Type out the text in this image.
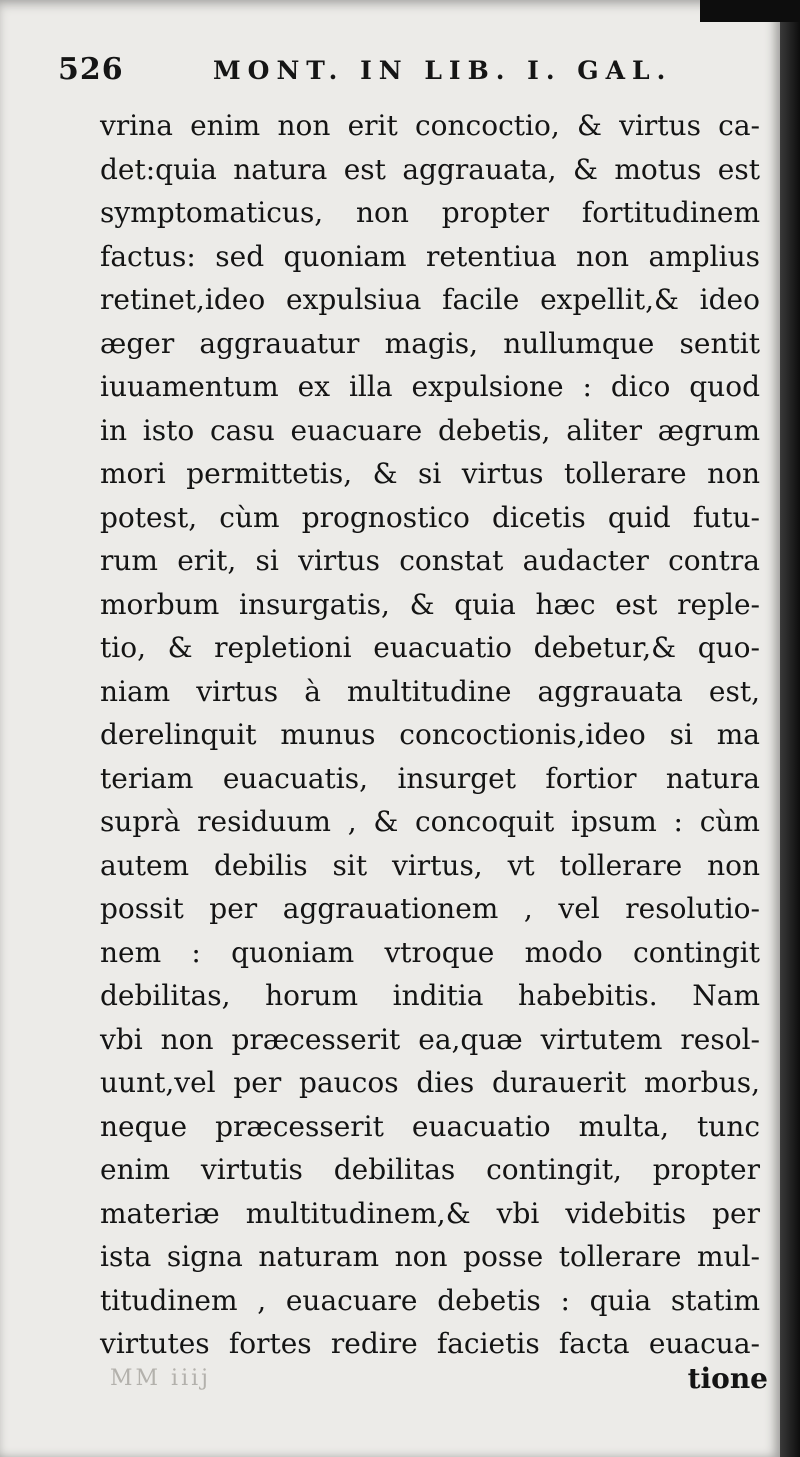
526	MONT. IN LIB. I. GAL.
vrina enim non erit concoctio, & virtus ca-
det:quia natura est aggrauata, & motus est
symptomaticus, non propter fortitudinem
factus: sed quoniam retentiua non amplius
retinet,ideo expulsiua facile expellit,& ideo
æger aggrauatur magis, nullumque sentit
iuuamentum ex illa expulsione : dico quod
in isto casu euacuare debetis, aliter ægrum
mori permittetis, & si virtus tollerare non
potest, cùm prognostico dicetis quid futu-
rum erit, si virtus constat audacter contra
morbum insurgatis, & quia hæc est reple-
tio, & repletioni euacuatio debetur,& quo-
niam virtus à multitudine aggrauata est,
derelinquit munus concoctionis,ideo si ma
teriam euacuatis, insurget fortior natura
suprà residuum , & concoquit ipsum : cùm
autem debilis sit virtus, vt tollerare non
possit per aggrauationem , vel resolutio-
nem : quoniam vtroque modo contingit
debilitas, horum inditia habebitis. Nam
vbi non præcesserit ea,quæ virtutem resol-
uunt,vel per paucos dies durauerit morbus,
neque præcesserit euacuatio multa, tunc
enim virtutis debilitas contingit, propter
materiæ multitudinem,& vbi videbitis per
ista signa naturam non posse tollerare mul-
titudinem , euacuare debetis : quia statim
virtutes fortes redire facietis facta euacua-
MM iiij	tione
